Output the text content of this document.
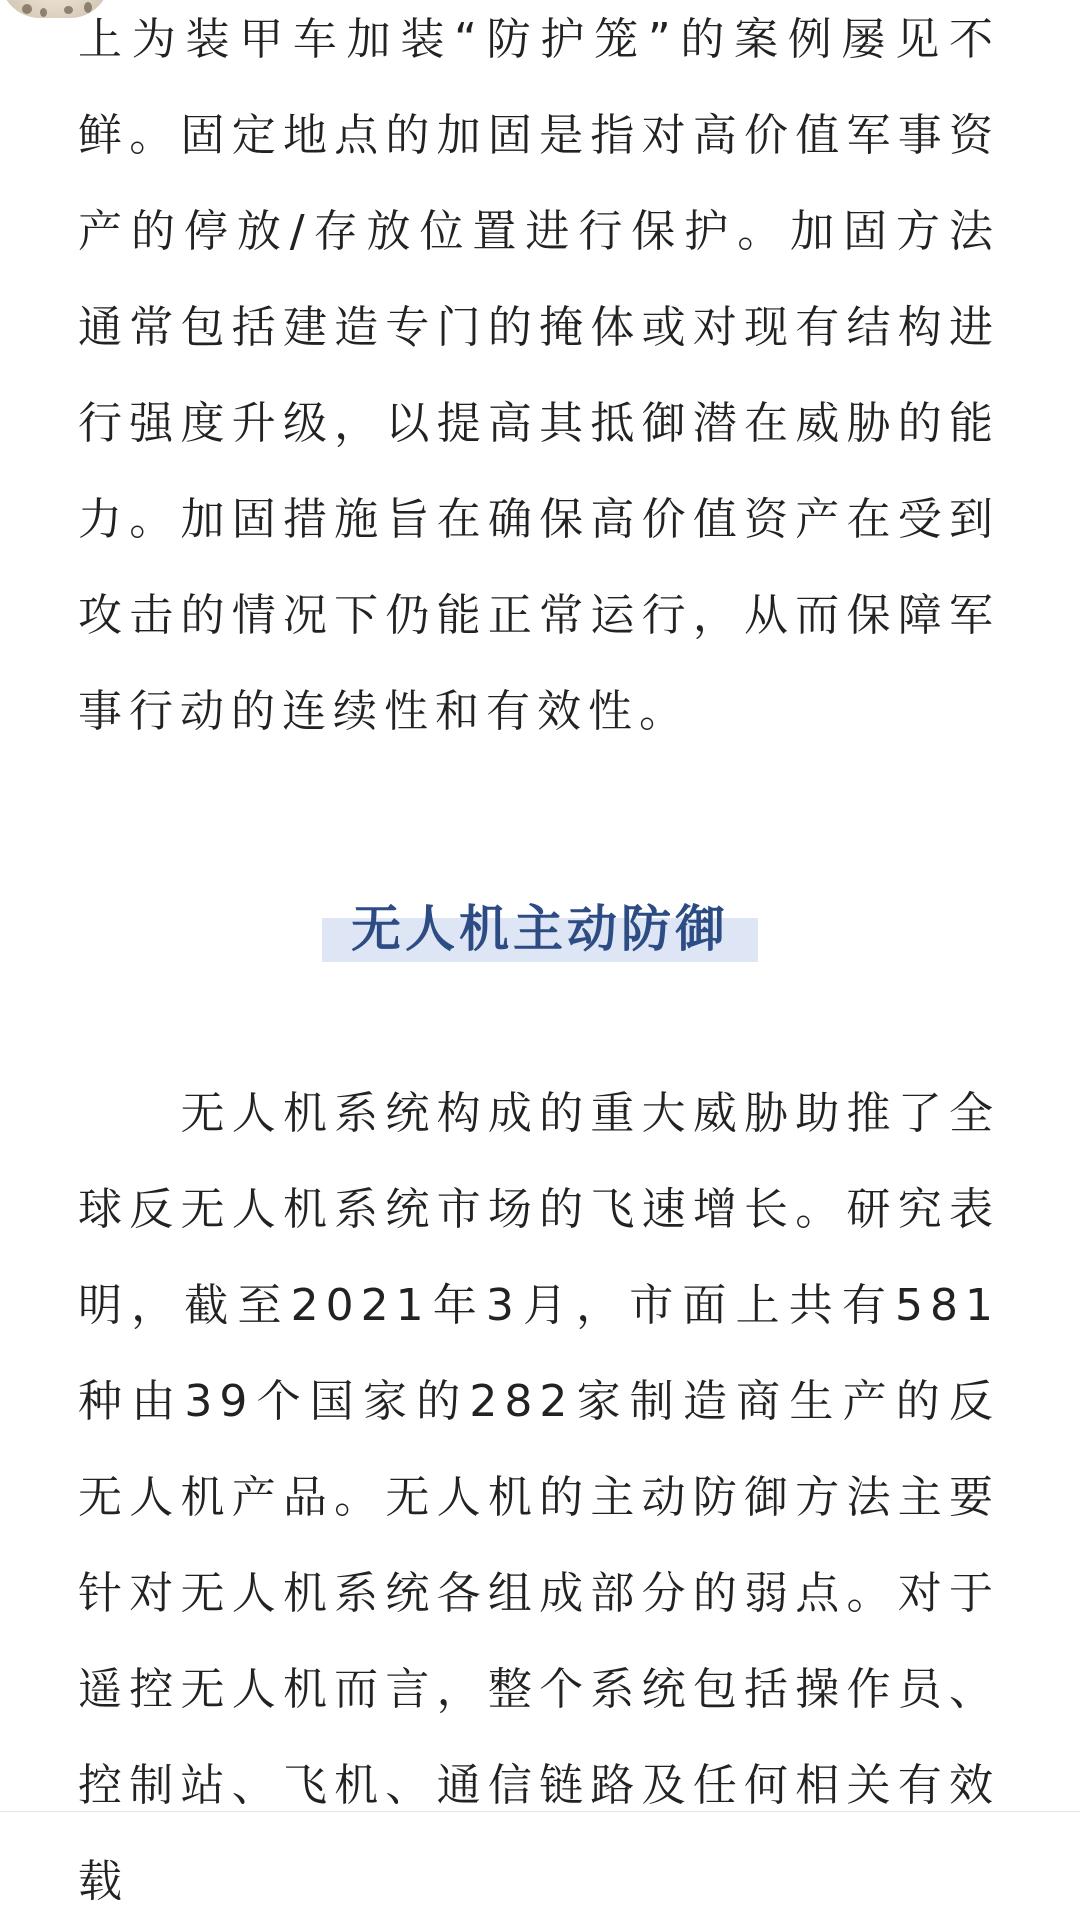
上为装甲车加装“防护笼”的案例屡见不鲜。固定地点的加固是指对高价值军事资产的停放/存放位置进行保护。加固方法通常包括建造专门的掩体或对现有结构进行强度升级，以提高其抵御潜在威胁的能力。加固措施旨在确保高价值资产在受到攻击的情况下仍能正常运行，从而保障军事行动的连续性和有效性。

无人机主动防御

　　无人机系统构成的重大威胁助推了全球反无人机系统市场的飞速增长。研究表明，截至2021年3月，市面上共有581种由39个国家的282家制造商生产的反无人机产品。无人机的主动防御方法主要针对无人机系统各组成部分的弱点。对于遥控无人机而言，整个系统包括操作员、控制站、飞机、通信链路及任何相关有效载
